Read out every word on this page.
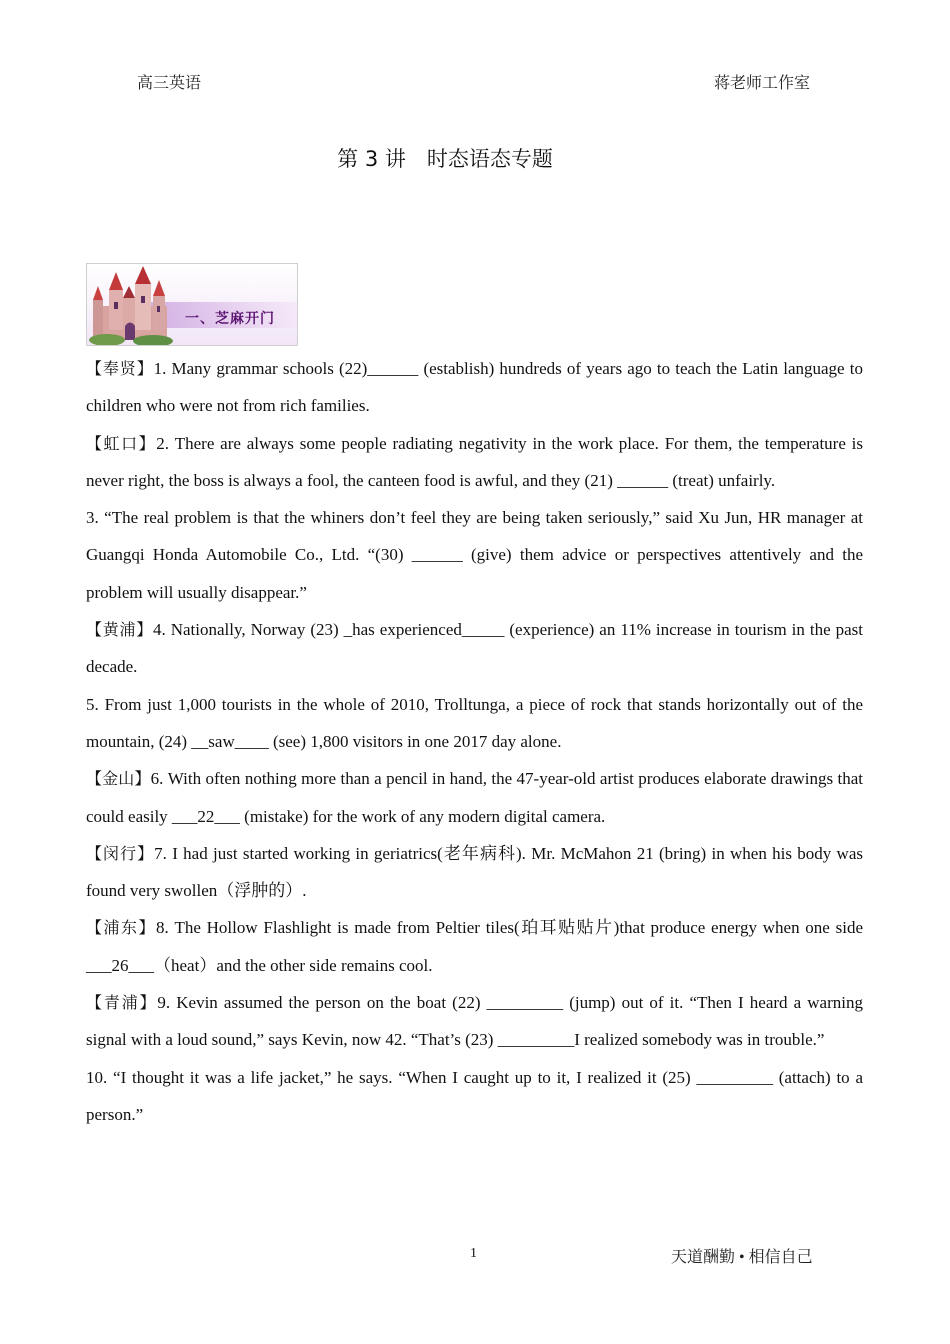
高三英语	蒋老师工作室
第 3 讲　时态语态专题
一、芝麻开门

【奉贤】1. Many grammar schools (22)______ (establish) hundreds of years ago to teach the Latin language to children who were not from rich families.

【虹口】2. There are always some people radiating negativity in the work place. For them, the temperature is never right, the boss is always a fool, the canteen food is awful, and they (21) ______ (treat) unfairly.

3. “The real problem is that the whiners don’t feel they are being taken seriously,” said Xu Jun, HR manager at Guangqi Honda Automobile Co., Ltd. “(30) ______ (give) them advice or perspectives attentively and the problem will usually disappear.”

【黄浦】4. Nationally, Norway (23) _has experienced_____ (experience) an 11% increase in tourism in the past decade.

5. From just 1,000 tourists in the whole of 2010, Trolltunga, a piece of rock that stands horizontally out of the mountain, (24) __saw____ (see) 1,800 visitors in one 2017 day alone.

【金山】6. With often nothing more than a pencil in hand, the 47-year-old artist produces elaborate drawings that could easily ___22___ (mistake) for the work of any modern digital camera.

【闵行】7. I had just started working in geriatrics(老年病科). Mr. McMahon 21 (bring) in when his body was found very swollen（浮肿的）.

【浦东】8. The Hollow Flashlight is made from Peltier tiles(珀耳贴贴片)that produce energy when one side ___26___（heat）and the other side remains cool.

【青浦】9. Kevin assumed the person on the boat (22) _________ (jump) out of it. “Then I heard a warning signal with a loud sound,” says Kevin, now 42. “That’s (23) _________I realized somebody was in trouble.”

10. “I thought it was a life jacket,” he says. “When I caught up to it, I realized it (25) _________ (attach) to a person.”

1	天道酬勤 • 相信自己
